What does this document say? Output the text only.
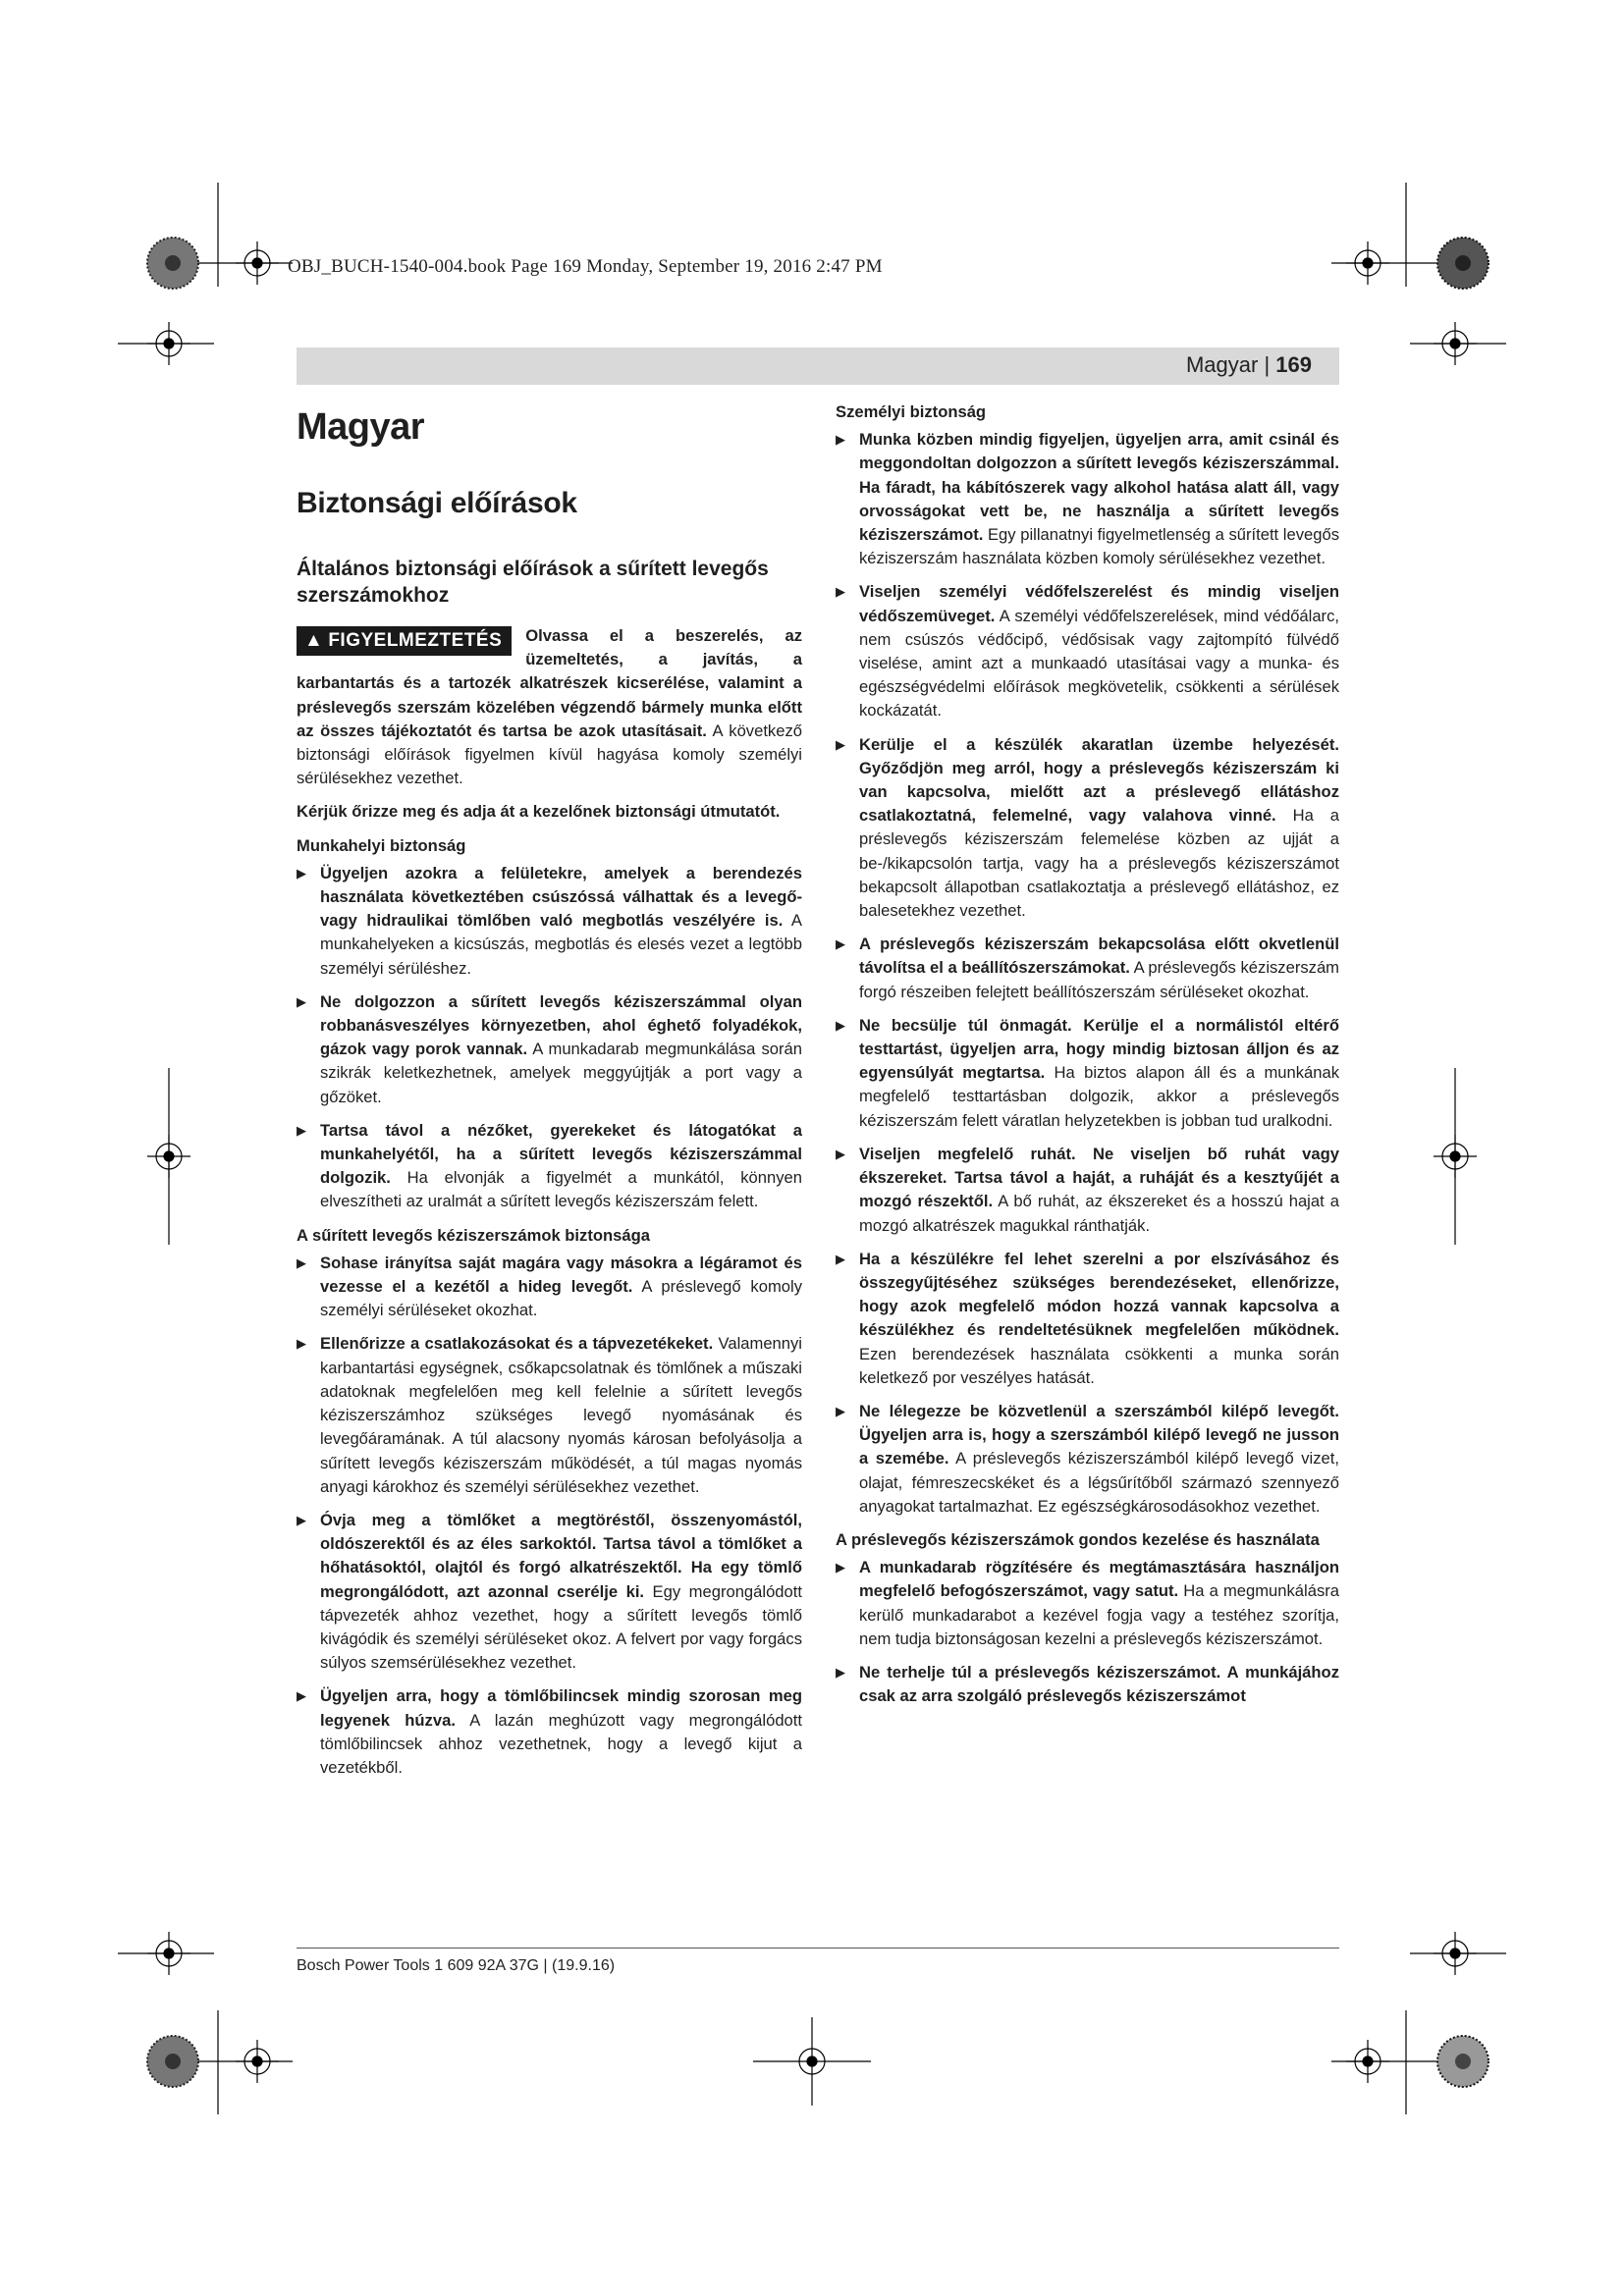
OBJ_BUCH-1540-004.book Page 169 Monday, September 19, 2016 2:47 PM
Magyar | 169
Magyar
Biztonsági előírások
Általános biztonsági előírások a sűrített levegős szerszámokhoz
▲ FIGYELMEZTETÉS	Olvassa el a beszerelés, az üzemeltetés, a javítás, a karbantartás és a tartozék alkatrészek kicserélése, valamint a préslevegős szerszám közelében végzendő bármely munka előtt az összes tájékoztatót és tartsa be azok utasításait. A következő biztonsági előírások figyelmen kívül hagyása komoly személyi sérülésekhez vezethet.
Kérjük őrizze meg és adja át a kezelőnek biztonsági útmutatót.
Munkahelyi biztonság
▶ Ügyeljen azokra a felületekre, amelyek a berendezés használata következtében csúszóssá válhattak és a levegő- vagy hidraulikai tömlőben való megbotlás veszélyére is. A munkahelyeken a kicsúszás, megbotlás és elesés vezet a legtöbb személyi sérüléshez.
▶ Ne dolgozzon a sűrített levegős kéziszerszámmal olyan robbanásveszélyes környezetben, ahol éghető folyadékok, gázok vagy porok vannak. A munkadarab megmunkálása során szikrák keletkezhetnek, amelyek meggyújtják a port vagy a gőzöket.
▶ Tartsa távol a nézőket, gyerekeket és látogatókat a munkahelyétől, ha a sűrített levegős kéziszerszámmal dolgozik. Ha elvonják a figyelmét a munkától, könnyen elveszítheti az uralmát a sűrített levegős kéziszerszám felett.
A sűrített levegős kéziszerszámok biztonsága
▶ Sohase irányítsa saját magára vagy másokra a légáramot és vezesse el a kezétől a hideg levegőt. A préslevegő komoly személyi sérüléseket okozhat.
▶ Ellenőrizze a csatlakozásokat és a tápvezetékeket. Valamennyi karbantartási egységnek, csőkapcsolatnak és tömlőnek a műszaki adatoknak megfelelően meg kell felelnie a sűrített levegős kéziszerszámhoz szükséges levegő nyomásának és levegőáramának. A túl alacsony nyomás károsan befolyásolja a sűrített levegős kéziszerszám működését, a túl magas nyomás anyagi károkhoz és személyi sérülésekhez vezethet.
▶ Óvja meg a tömlőket a megtöréstől, összenyomástól, oldószerektől és az éles sarkoktól. Tartsa távol a tömlőket a hőhatásoktól, olajtól és forgó alkatrészektől. Ha egy tömlő megrongálódott, azt azonnal cserélje ki. Egy megrongálódott tápvezeték ahhoz vezethet, hogy a sűrített levegős tömlő kivágódik és személyi sérüléseket okoz. A felvert por vagy forgács súlyos szemsérülésekhez vezethet.
▶ Ügyeljen arra, hogy a tömlőbilincsek mindig szorosan meg legyenek húzva. A lazán meghúzott vagy megrongálódott tömlőbilincsek ahhoz vezethetnek, hogy a levegő kijut a vezetékből.
Személyi biztonság
▶ Munka közben mindig figyeljen, ügyeljen arra, amit csinál és meggondoltan dolgozzon a sűrített levegős kéziszerszámmal. Ha fáradt, ha kábítószerek vagy alkohol hatása alatt áll, vagy orvosságokat vett be, ne használja a sűrített levegős kéziszerszámot. Egy pillanatnyi figyelmetlenség a sűrített levegős kéziszerszám használata közben komoly sérülésekhez vezethet.
▶ Viseljen személyi védőfelszerelést és mindig viseljen védőszemüveget. A személyi védőfelszerelések, mind védőálarc, nem csúszós védőcipő, védősisak vagy zajtompító fülvédő viselése, amint azt a munkaadó utasításai vagy a munka- és egészségvédelmi előírások megkövetelik, csökkenti a sérülések kockázatát.
▶ Kerülje el a készülék akaratlan üzembe helyezését. Győződjön meg arról, hogy a préslevegős kéziszerszám ki van kapcsolva, mielőtt azt a préslevegő ellátáshoz csatlakoztatná, felemelné, vagy valahova vinné. Ha a préslevegős kéziszerszám felemelése közben az ujját a be-/kikapcsolón tartja, vagy ha a préslevegős kéziszerszámot bekapcsolt állapotban csatlakoztatja a préslevegő ellátáshoz, ez balesetekhez vezethet.
▶ A préslevegős kéziszerszám bekapcsolása előtt okvetlenül távolítsa el a beállítószerszámokat. A préslevegős kéziszerszám forgó részeiben felejtett beállítószerszám sérüléseket okozhat.
▶ Ne becsülje túl önmagát. Kerülje el a normálistól eltérő testtartást, ügyeljen arra, hogy mindig biztosan álljon és az egyensúlyát megtartsa. Ha biztos alapon áll és a munkának megfelelő testtartásban dolgozik, akkor a préslevegős kéziszerszám felett váratlan helyzetekben is jobban tud uralkodni.
▶ Viseljen megfelelő ruhát. Ne viseljen bő ruhát vagy ékszereket. Tartsa távol a haját, a ruháját és a kesztyűjét a mozgó részektől. A bő ruhát, az ékszereket és a hosszú hajat a mozgó alkatrészek magukkal ránthatják.
▶ Ha a készülékre fel lehet szerelni a por elszívásához és összegyűjtéséhez szükséges berendezéseket, ellenőrizze, hogy azok megfelelő módon hozzá vannak kapcsolva a készülékhez és rendeltetésüknek megfelelően működnek. Ezen berendezések használata csökkenti a munka során keletkező por veszélyes hatását.
▶ Ne lélegezze be közvetlenül a szerszámból kilépő levegőt. Ügyeljen arra is, hogy a szerszámból kilépő levegő ne jusson a szemébe. A préslevegős kéziszerszámból kilépő levegő vizet, olajat, fémreszecskéket és a légsűrítőből származó szennyező anyagokat tartalmazhat. Ez egészségkárosodásokhoz vezethet.
A préslevegős kéziszerszámok gondos kezelése és használata
▶ A munkadarab rögzítésére és megtámasztására használjon megfelelő befogószerszámot, vagy satut. Ha a megmunkálásra kerülő munkadarabot a kezével fogja vagy a testéhez szorítja, nem tudja biztonságosan kezelni a préslevegős kéziszerszámot.
▶ Ne terhelje túl a préslevegős kéziszerszámot. A munkájához csak az arra szolgáló préslevegős kéziszerszámot
Bosch Power Tools 1 609 92A 37G | (19.9.16)
